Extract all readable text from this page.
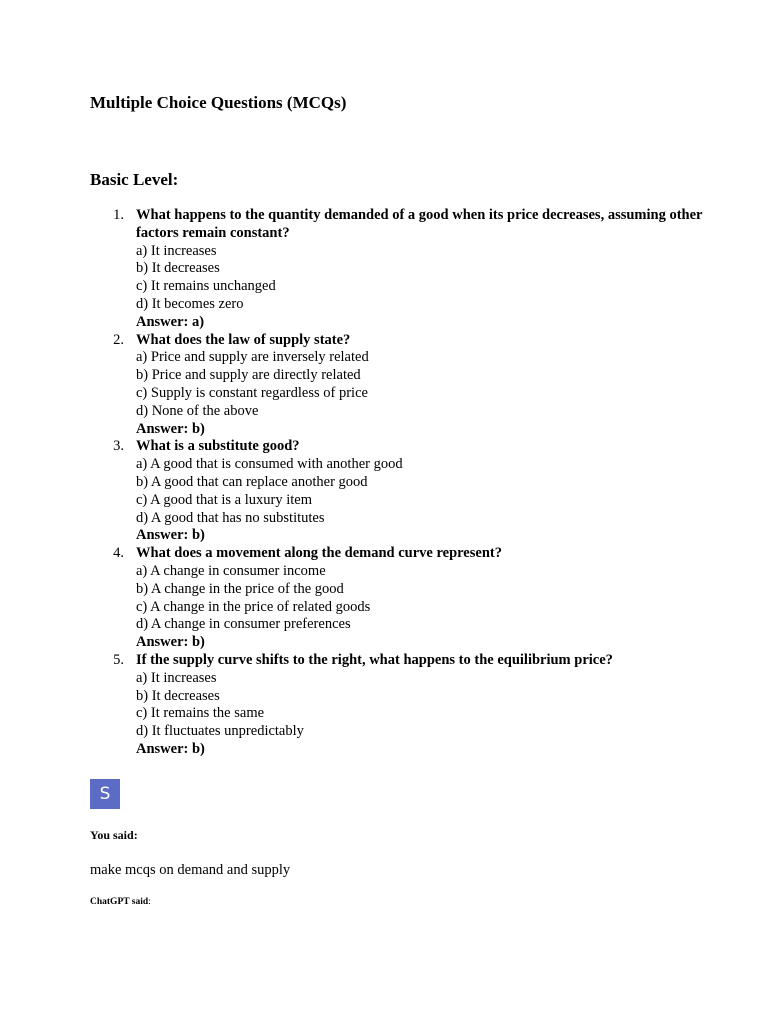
Multiple Choice Questions (MCQs)
Basic Level:
1. What happens to the quantity demanded of a good when its price decreases, assuming other factors remain constant?
a) It increases
b) It decreases
c) It remains unchanged
d) It becomes zero
Answer: a)
2. What does the law of supply state?
a) Price and supply are inversely related
b) Price and supply are directly related
c) Supply is constant regardless of price
d) None of the above
Answer: b)
3. What is a substitute good?
a) A good that is consumed with another good
b) A good that can replace another good
c) A good that is a luxury item
d) A good that has no substitutes
Answer: b)
4. What does a movement along the demand curve represent?
a) A change in consumer income
b) A change in the price of the good
c) A change in the price of related goods
d) A change in consumer preferences
Answer: b)
5. If the supply curve shifts to the right, what happens to the equilibrium price?
a) It increases
b) It decreases
c) It remains the same
d) It fluctuates unpredictably
Answer: b)
S

You said:

make mcqs on demand and supply

ChatGPT said:
